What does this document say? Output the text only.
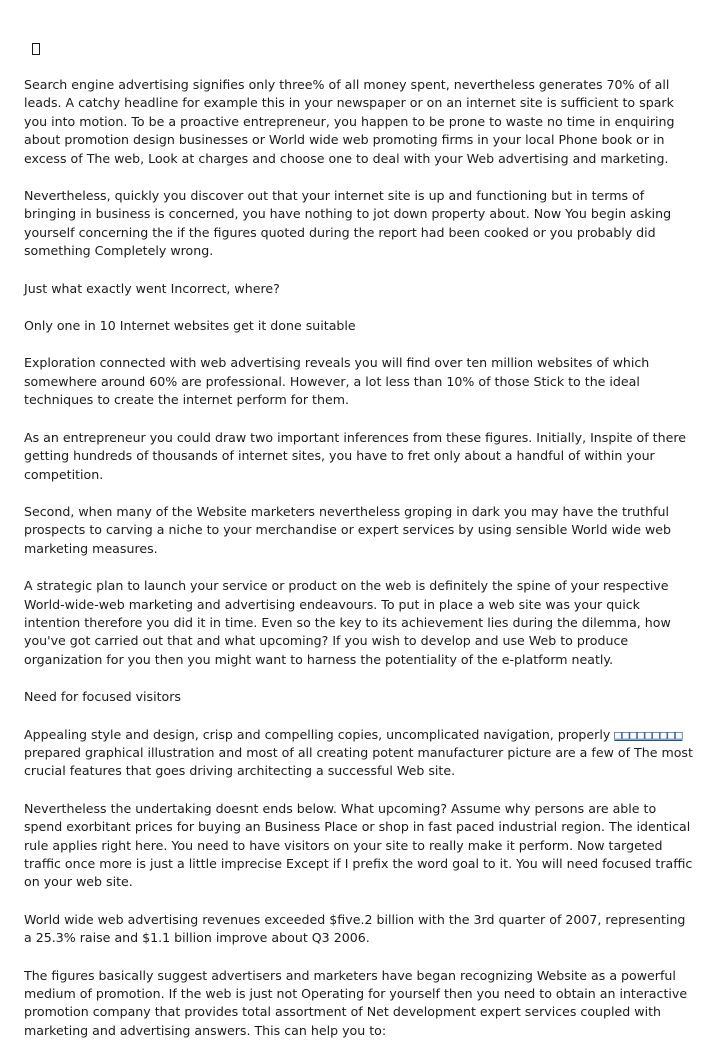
Search engine advertising signifies only three% of all money spent, nevertheless generates 70% of all leads. A catchy headline for example this in your newspaper or on an internet site is sufficient to spark you into motion. To be a proactive entrepreneur, you happen to be prone to waste no time in enquiring about promotion design businesses or World wide web promoting firms in your local Phone book or in excess of The web, Look at charges and choose one to deal with your Web advertising and marketing.

Nevertheless, quickly you discover out that your internet site is up and functioning but in terms of bringing in business is concerned, you have nothing to jot down property about. Now You begin asking yourself concerning the if the figures quoted during the report had been cooked or you probably did something Completely wrong.

Just what exactly went Incorrect, where?

Only one in 10 Internet websites get it done suitable

Exploration connected with web advertising reveals you will find over ten million websites of which somewhere around 60% are professional. However, a lot less than 10% of those Stick to the ideal techniques to create the internet perform for them.

As an entrepreneur you could draw two important inferences from these figures. Initially, Inspite of there getting hundreds of thousands of internet sites, you have to fret only about a handful of within your competition.

Second, when many of the Website marketers nevertheless groping in dark you may have the truthful prospects to carving a niche to your merchandise or expert services by using sensible World wide web marketing measures.

A strategic plan to launch your service or product on the web is definitely the spine of your respective World-wide-web marketing and advertising endeavours. To put in place a web site was your quick intention therefore you did it in time. Even so the key to its achievement lies during the dilemma, how you've got carried out that and what upcoming? If you wish to develop and use Web to produce organization for you then you might want to harness the potentiality of the e-platform neatly.

Need for focused visitors

Appealing style and design, crisp and compelling copies, uncomplicated navigation, properly □□□□□□□□□ prepared graphical illustration and most of all creating potent manufacturer picture are a few of The most crucial features that goes driving architecting a successful Web site.

Nevertheless the undertaking doesnt ends below. What upcoming? Assume why persons are able to spend exorbitant prices for buying an Business Place or shop in fast paced industrial region. The identical rule applies right here. You need to have visitors on your site to really make it perform. Now targeted traffic once more is just a little imprecise Except if I prefix the word goal to it. You will need focused traffic on your web site.

World wide web advertising revenues exceeded $five.2 billion with the 3rd quarter of 2007, representing a 25.3% raise and $1.1 billion improve about Q3 2006.

The figures basically suggest advertisers and marketers have began recognizing Website as a powerful medium of promotion. If the web is just not Operating for yourself then you need to obtain an interactive promotion company that provides total assortment of Net development expert services coupled with marketing and advertising answers. This can help you to:
